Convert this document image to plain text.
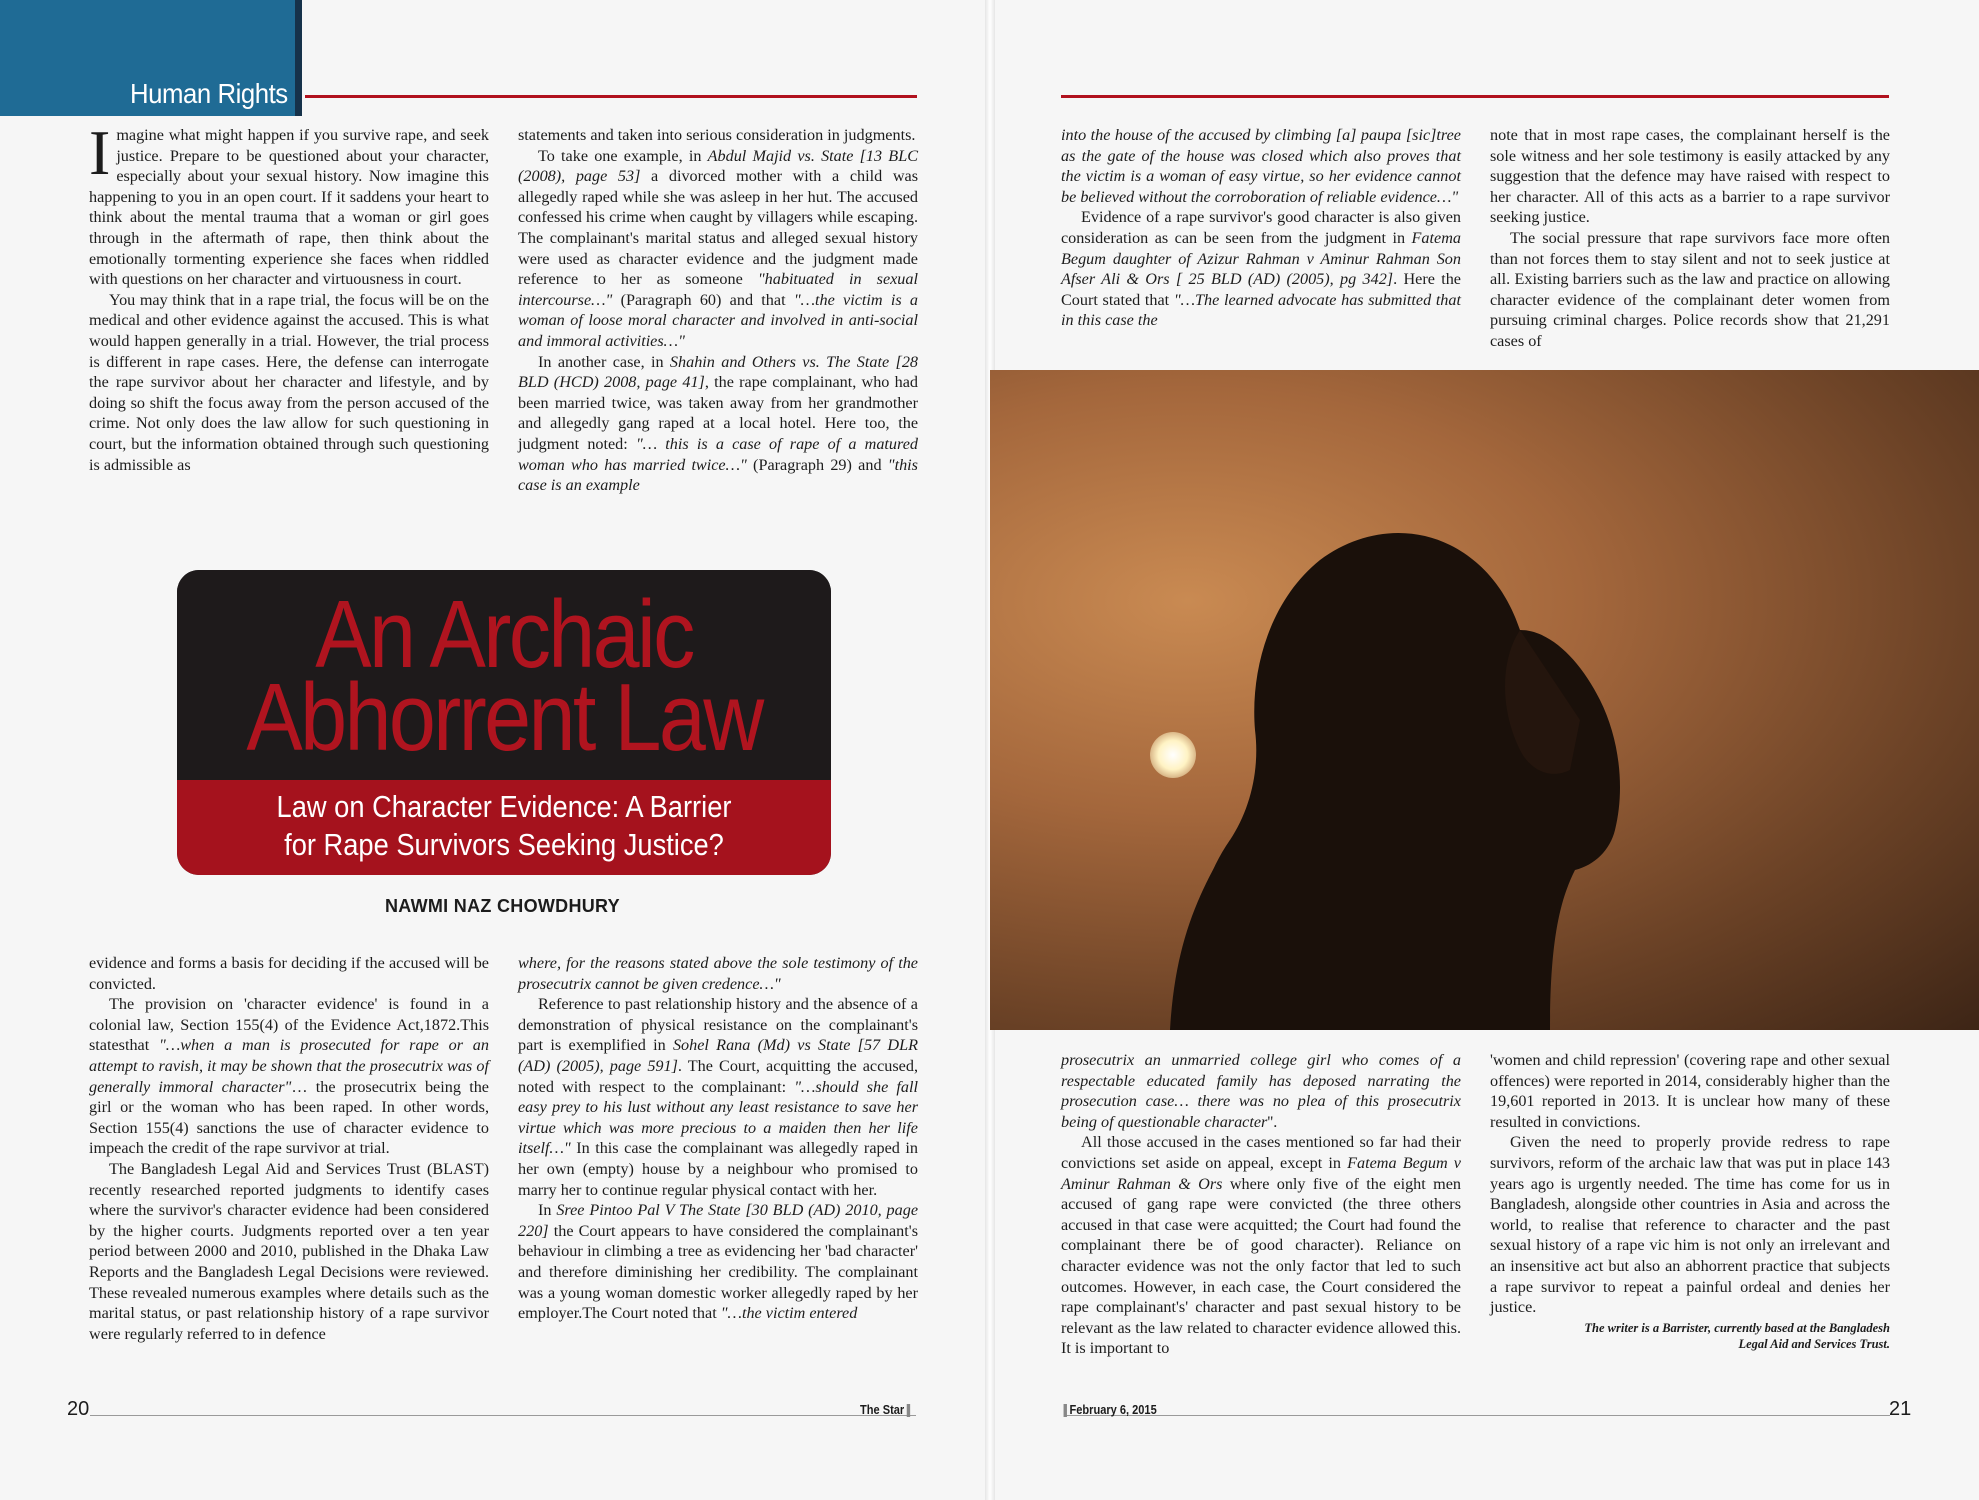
Human Rights

Imagine what might happen if you survive rape, and seek justice. Prepare to be questioned about your character, especially about your sexual history. Now imagine this happening to you in an open court. If it saddens your heart to think about the mental trauma that a woman or girl goes through in the aftermath of rape, then think about the emotionally tormenting experience she faces when riddled with questions on her character and virtuousness in court.

You may think that in a rape trial, the focus will be on the medical and other evidence against the accused. This is what would happen generally in a trial. However, the trial process is different in rape cases. Here, the defense can interrogate the rape survivor about her character and lifestyle, and by doing so shift the focus away from the person accused of the crime. Not only does the law allow for such questioning in court, but the information obtained through such questioning is admissible as

statements and taken into serious consideration in judgments.

To take one example, in Abdul Majid vs. State [13 BLC (2008), page 53] a divorced mother with a child was allegedly raped while she was asleep in her hut. The accused confessed his crime when caught by villagers while escaping. The complainant's marital status and alleged sexual history were used as character evidence and the judgment made reference to her as someone "habituated in sexual intercourse…" (Paragraph 60) and that "…the victim is a woman of loose moral character and involved in anti-social and immoral activities…"

In another case, in Shahin and Others vs. The State [28 BLD (HCD) 2008, page 41], the rape complainant, who had been married twice, was taken away from her grandmother and allegedly gang raped at a local hotel. Here too, the judgment noted: "… this is a case of rape of a matured woman who has married twice…" (Paragraph 29) and "this case is an example

An Archaic
Abhorrent Law
Law on Character Evidence: A Barrier
for Rape Survivors Seeking Justice?
NAWMI NAZ CHOWDHURY

evidence and forms a basis for deciding if the accused will be convicted.

The provision on 'character evidence' is found in a colonial law, Section 155(4) of the Evidence Act,1872.This statesthat "…when a man is prosecuted for rape or an attempt to ravish, it may be shown that the prosecutrix was of generally immoral character"… the prosecutrix being the girl or the woman who has been raped. In other words, Section 155(4) sanctions the use of character evidence to impeach the credit of the rape survivor at trial.

The Bangladesh Legal Aid and Services Trust (BLAST) recently researched reported judgments to identify cases where the survivor's character evidence had been considered by the higher courts. Judgments reported over a ten year period between 2000 and 2010, published in the Dhaka Law Reports and the Bangladesh Legal Decisions were reviewed. These revealed numerous examples where details such as the marital status, or past relationship history of a rape survivor were regularly referred to in defence

where, for the reasons stated above the sole testimony of the prosecutrix cannot be given credence…"

Reference to past relationship history and the absence of a demonstration of physical resistance on the complainant's part is exemplified in Sohel Rana (Md) vs State [57 DLR (AD) (2005), page 591]. The Court, acquitting the accused, noted with respect to the complainant: "…should she fall easy prey to his lust without any least resistance to save her virtue which was more precious to a maiden then her life itself…" In this case the complainant was allegedly raped in her own (empty) house by a neighbour who promised to marry her to continue regular physical contact with her.

In Sree Pintoo Pal V The State [30 BLD (AD) 2010, page 220] the Court appears to have considered the complainant's behaviour in climbing a tree as evidencing her 'bad character' and therefore diminishing her credibility. The complainant was a young woman domestic worker allegedly raped by her employer.The Court noted that "…the victim entered

into the house of the accused by climbing [a] paupa [sic]tree as the gate of the house was closed which also proves that the victim is a woman of easy virtue, so her evidence cannot be believed without the corroboration of reliable evidence…"

Evidence of a rape survivor's good character is also given consideration as can be seen from the judgment in Fatema Begum daughter of Azizur Rahman v Aminur Rahman Son Afser Ali & Ors [ 25 BLD (AD) (2005), pg 342]. Here the Court stated that "…The learned advocate has submitted that in this case the

note that in most rape cases, the complainant herself is the sole witness and her sole testimony is easily attacked by any suggestion that the defence may have raised with respect to her character. All of this acts as a barrier to a rape survivor seeking justice.

The social pressure that rape survivors face more often than not forces them to stay silent and not to seek justice at all. Existing barriers such as the law and practice on allowing character evidence of the complainant deter women from pursuing criminal charges. Police records show that 21,291 cases of

prosecutrix an unmarried college girl who comes of a respectable educated family has deposed narrating the prosecution case… there was no plea of this prosecutrix being of questionable character''.

All those accused in the cases mentioned so far had their convictions set aside on appeal, except in Fatema Begum v Aminur Rahman & Ors where only five of the eight men accused of gang rape were convicted (the three others accused in that case were acquitted; the Court had found the complainant there be of good character). Reliance on character evidence was not the only factor that led to such outcomes. However, in each case, the Court considered the rape complainant's' character and past sexual history to be relevant as the law related to character evidence allowed this. It is important to

'women and child repression' (covering rape and other sexual offences) were reported in 2014, considerably higher than the 19,601 reported in 2013. It is unclear how many of these resulted in convictions.

Given the need to properly provide redress to rape survivors, reform of the archaic law that was put in place 143 years ago is urgently needed. The time has come for us in Bangladesh, alongside other countries in Asia and across the world, to realise that reference to character and the past sexual history of a rape vic him is not only an irrelevant and an insensitive act but also an abhorrent practice that subjects a rape survivor to repeat a painful ordeal and denies her justice.

The writer is a Barrister, currently based at the Bangladesh
Legal Aid and Services Trust.
20	The Star	February 6, 2015	21
